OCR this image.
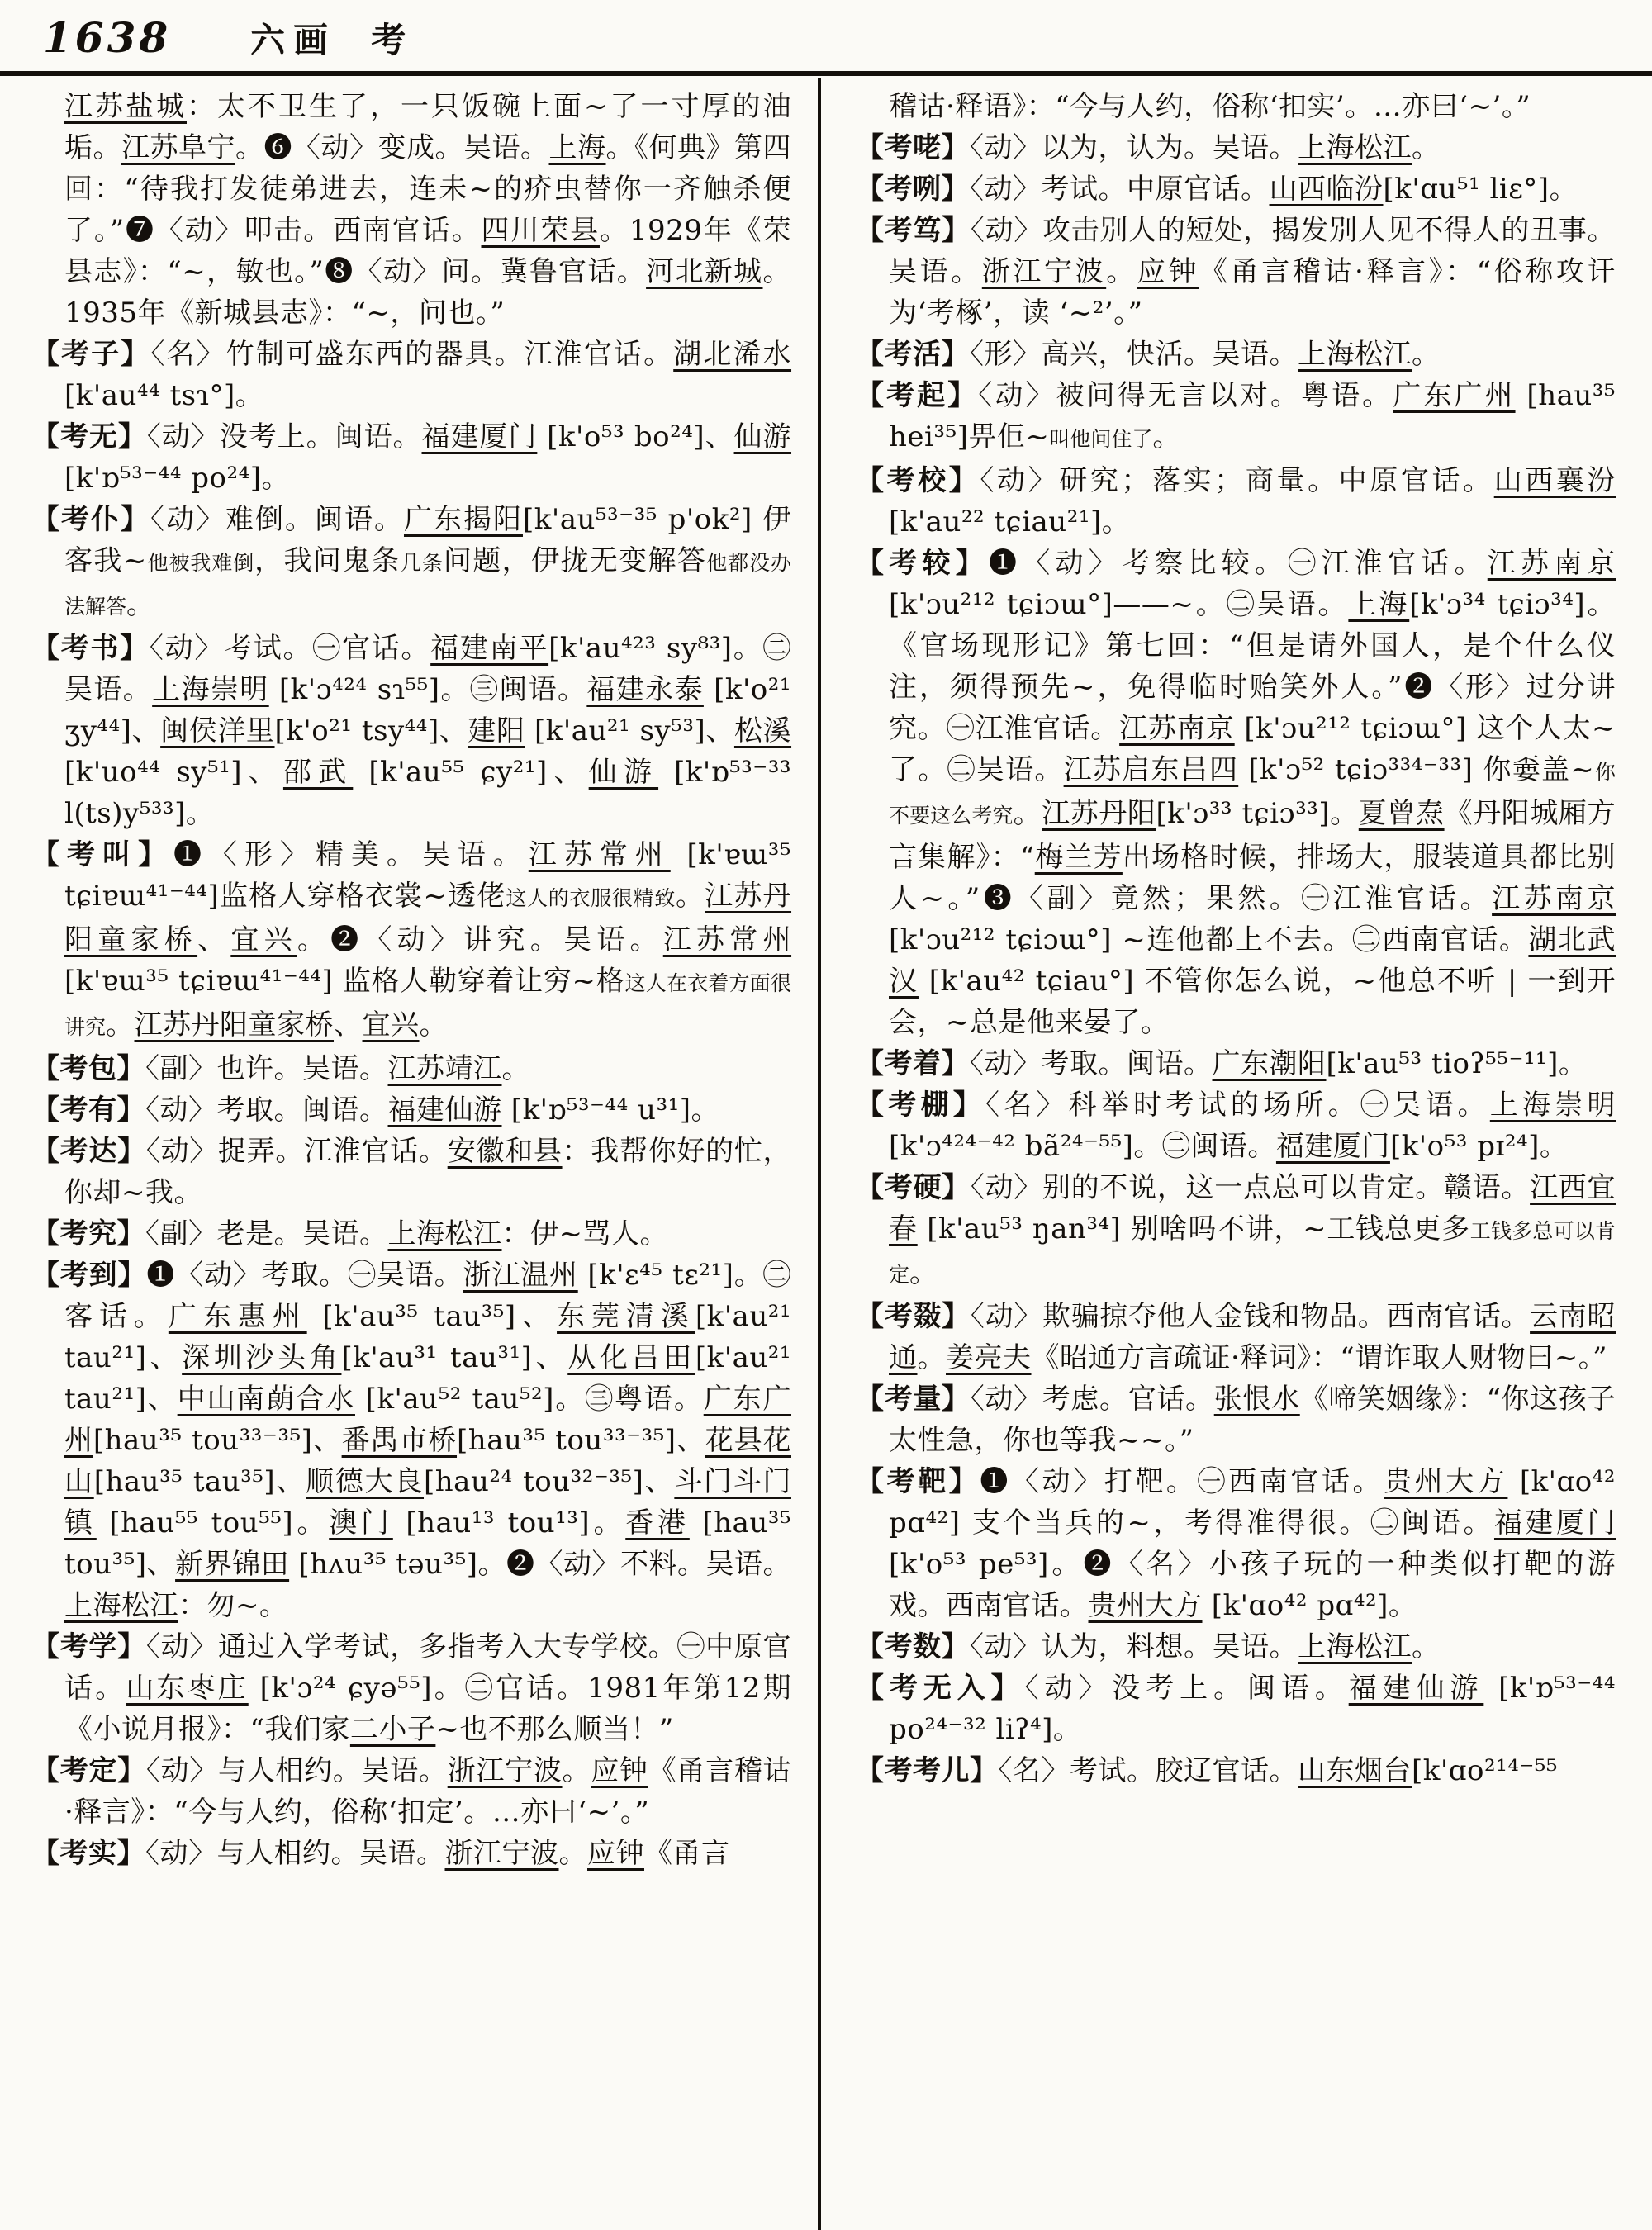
1638 六画 考
江苏盐城：太不卫生了，一只饭碗上面~了一寸厚的油垢。江苏阜宁。❻〈动〉变成。吴语。上海。《何典》第四回：“待我打发徒弟进去，连未~的疥虫替你一齐触杀便了。”❼〈动〉叩击。西南官话。四川荣县。1929年《荣县志》：“~，敏也。”❽〈动〉问。冀鲁官话。河北新城。1935年《新城县志》：“~，问也。”
【考子】〈名〉竹制可盛东西的器具。江淮官话。湖北浠水 [k'au⁴⁴ tsɿ°]。
【考无】〈动〉没考上。闽语。福建厦门 [k'o⁵³ bo²⁴]、仙游 [k'ɒ⁵³⁻⁴⁴ po²⁴]。
【考仆】〈动〉难倒。闽语。广东揭阳[k'au⁵³⁻³⁵ p'ok²] 伊客我~他被我难倒，我问鬼条几条问题，伊拢无变解答他都没办法解答。
【考书】〈动〉考试。㊀官话。福建南平[k'au⁴²³ sy⁸³]。㊁吴语。上海崇明 [k'ɔ⁴²⁴ sɿ⁵⁵]。㊂闽语。福建永泰 [k'o²¹ ʒy⁴⁴]、闽侯洋里[k'o²¹ tsy⁴⁴]、建阳 [k'au²¹ sy⁵³]、松溪 [k'uo⁴⁴ sy⁵¹]、邵武 [k'au⁵⁵ ɕy²¹]、仙游 [k'ɒ⁵³⁻³³ l(ts)y⁵³³]。
【考叫】❶〈形〉精美。吴语。江苏常州 [k'ɐɯ³⁵ tɕiɐɯ⁴¹⁻⁴⁴]监格人穿格衣裳~透佬这人的衣服很精致。江苏丹阳童家桥、宜兴。❷〈动〉讲究。吴语。江苏常州 [k'ɐɯ³⁵ tɕiɐɯ⁴¹⁻⁴⁴] 监格人勒穿着让穷~格这人在衣着方面很讲究。江苏丹阳童家桥、宜兴。
【考包】〈副〉也许。吴语。江苏靖江。
【考有】〈动〉考取。闽语。福建仙游 [k'ɒ⁵³⁻⁴⁴ u³¹]。
【考达】〈动〉捉弄。江淮官话。安徽和县：我帮你好的忙，你却~我。
【考究】〈副〉老是。吴语。上海松江：伊~骂人。
【考到】❶〈动〉考取。㊀吴语。浙江温州 [k'ɛ⁴⁵ tɛ²¹]。㊁客话。广东惠州 [k'au³⁵ tau³⁵]、东莞清溪[k'au²¹ tau²¹]、深圳沙头角[k'au³¹ tau³¹]、从化吕田[k'au²¹ tau²¹]、中山南蓢合水 [k'au⁵² tau⁵²]。㊂粤语。广东广州[hau³⁵ tou³³⁻³⁵]、番禺市桥[hau³⁵ tou³³⁻³⁵]、花县花山[hau³⁵ tau³⁵]、顺德大良[hau²⁴ tou³²⁻³⁵]、斗门斗门镇 [hau⁵⁵ tou⁵⁵]。澳门 [hau¹³ tou¹³]。香港 [hau³⁵ tou³⁵]、新界锦田 [hʌu³⁵ təu³⁵]。❷〈动〉不料。吴语。上海松江：勿~。
【考学】〈动〉通过入学考试，多指考入大专学校。㊀中原官话。山东枣庄 [k'ɔ²⁴ ɕyə⁵⁵]。㊁官话。1981年第12期《小说月报》：“我们家二小子~也不那么顺当！”
【考定】〈动〉与人相约。吴语。浙江宁波。应钟《甬言稽诂·释言》：“今与人约，俗称‘扣定’。…亦曰‘~’。”
【考实】〈动〉与人相约。吴语。浙江宁波。应钟《甬言
稽诂·释语》：“今与人约，俗称‘扣实’。…亦曰‘~’。”
【考咾】〈动〉以为，认为。吴语。上海松江。
【考咧】〈动〉考试。中原官话。山西临汾[k'ɑu⁵¹ liɛ°]。
【考笃】〈动〉攻击别人的短处，揭发别人见不得人的丑事。吴语。浙江宁波。应钟《甬言稽诂·释言》：“俗称攻讦为‘考椓’，读 ‘~²’。”
【考活】〈形〉高兴，快活。吴语。上海松江。
【考起】〈动〉被问得无言以对。粤语。广东广州 [hau³⁵ hei³⁵]畀佢~叫他问住了。
【考校】〈动〉研究；落实；商量。中原官话。山西襄汾 [k'au²² tɕiau²¹]。
【考较】❶〈动〉考察比较。㊀江淮官话。江苏南京[k'ɔu²¹² tɕiɔɯ°]——~。㊁吴语。上海[k'ɔ³⁴ tɕiɔ³⁴]。《官场现形记》第七回：“但是请外国人，是个什么仪注，须得预先~，免得临时贻笑外人。”❷〈形〉过分讲究。㊀江淮官话。江苏南京 [k'ɔu²¹² tɕiɔɯ°] 这个人太~了。㊁吴语。江苏启东吕四 [k'ɔ⁵² tɕiɔ³³⁴⁻³³] 你嫑盖~你不要这么考究。江苏丹阳[k'ɔ³³ tɕiɔ³³]。夏曾焘《丹阳城厢方言集解》：“梅兰芳出场格时候，排场大，服装道具都比别人~。”❸〈副〉竟然；果然。㊀江淮官话。江苏南京 [k'ɔu²¹² tɕiɔɯ°] ~连他都上不去。㊁西南官话。湖北武汉 [k'au⁴² tɕiau°] 不管你怎么说，~他总不听 | 一到开会，~总是他来晏了。
【考着】〈动〉考取。闽语。广东潮阳[k'au⁵³ tioʔ⁵⁵⁻¹¹]。
【考棚】〈名〉科举时考试的场所。㊀吴语。上海崇明 [k'ɔ⁴²⁴⁻⁴² bã²⁴⁻⁵⁵]。㊁闽语。福建厦门[k'o⁵³ pɪ²⁴]。
【考硬】〈动〉别的不说，这一点总可以肯定。赣语。江西宜春 [k'au⁵³ ŋan³⁴] 别啥吗不讲，~工钱总更多工钱多总可以肯定。
【考敠】〈动〉欺骗掠夺他人金钱和物品。西南官话。云南昭通。姜亮夫《昭通方言疏证·释词》：“谓诈取人财物曰~。”
【考量】〈动〉考虑。官话。张恨水《啼笑姻缘》：“你这孩子太性急，你也等我~~。”
【考靶】❶〈动〉打靶。㊀西南官话。贵州大方 [k'ɑo⁴² pɑ⁴²] 支个当兵的~，考得准得很。㊁闽语。福建厦门 [k'o⁵³ pe⁵³]。❷〈名〉小孩子玩的一种类似打靶的游戏。西南官话。贵州大方 [k'ɑo⁴² pɑ⁴²]。
【考数】〈动〉认为，料想。吴语。上海松江。
【考无入】〈动〉没考上。闽语。福建仙游 [k'ɒ⁵³⁻⁴⁴ po²⁴⁻³² liʔ⁴]。
【考考儿】〈名〉考试。胶辽官话。山东烟台[k'ɑo²¹⁴⁻⁵⁵
